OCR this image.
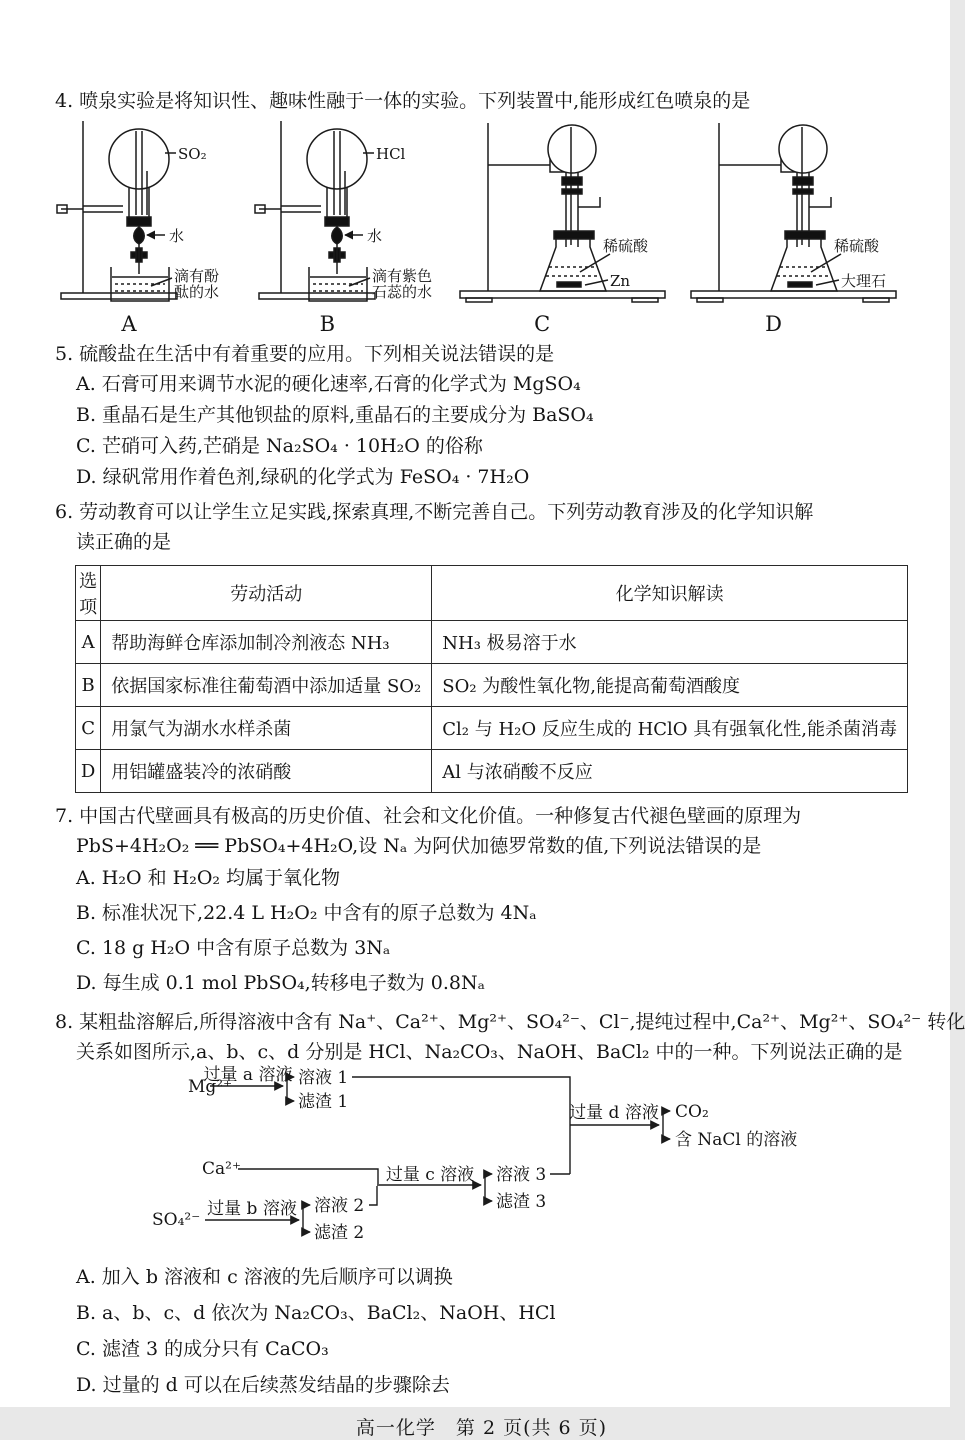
4. 喷泉实验是将知识性、趣味性融于一体的实验。下列装置中,能形成红色喷泉的是
SO₂
水
滴有酚
酞的水
A
HCl
水
滴有紫色
石蕊的水
B
稀硫酸
Zn
C
稀硫酸
大理石
D
5. 硫酸盐在生活中有着重要的应用。下列相关说法错误的是
A. 石膏可用来调节水泥的硬化速率,石膏的化学式为 MgSO₄
B. 重晶石是生产其他钡盐的原料,重晶石的主要成分为 BaSO₄
C. 芒硝可入药,芒硝是 Na₂SO₄ · 10H₂O 的俗称
D. 绿矾常用作着色剂,绿矾的化学式为 FeSO₄ · 7H₂O
6. 劳动教育可以让学生立足实践,探索真理,不断完善自己。下列劳动教育涉及的化学知识解
读正确的是
选项	劳动活动	化学知识解读
A	帮助海鲜仓库添加制冷剂液态 NH₃	NH₃ 极易溶于水
B	依据国家标准往葡萄酒中添加适量 SO₂	SO₂ 为酸性氧化物,能提高葡萄酒酸度
C	用氯气为湖水水样杀菌	Cl₂ 与 H₂O 反应生成的 HClO 具有强氧化性,能杀菌消毒
D	用铝罐盛装冷的浓硝酸	Al 与浓硝酸不反应
7. 中国古代壁画具有极高的历史价值、社会和文化价值。一种修复古代褪色壁画的原理为
PbS+4H₂O₂ ══ PbSO₄+4H₂O,设 Nₐ 为阿伏加德罗常数的值,下列说法错误的是
A. H₂O 和 H₂O₂ 均属于氧化物
B. 标准状况下,22.4 L H₂O₂ 中含有的原子总数为 4Nₐ
C. 18 g H₂O 中含有原子总数为 3Nₐ
D. 每生成 0.1 mol PbSO₄,转移电子数为 0.8Nₐ
8. 某粗盐溶解后,所得溶液中含有 Na⁺、Ca²⁺、Mg²⁺、SO₄²⁻、Cl⁻,提纯过程中,Ca²⁺、Mg²⁺、SO₄²⁻ 转化
关系如图所示,a、b、c、d 分别是 HCl、Na₂CO₃、NaOH、BaCl₂ 中的一种。下列说法正确的是
Mg²⁺
过量 a 溶液 溶液 1
滤渣 1
过量 d 溶液 CO₂
含 NaCl 的溶液
Ca²⁺	过量 c 溶液 溶液 3
滤渣 3
SO₄²⁻
过量 b 溶液 溶液 2
滤渣 2
A. 加入 b 溶液和 c 溶液的先后顺序可以调换
B. a、b、c、d 依次为 Na₂CO₃、BaCl₂、NaOH、HCl
C. 滤渣 3 的成分只有 CaCO₃
D. 过量的 d 可以在后续蒸发结晶的步骤除去
高一化学　第 2 页(共 6 页)
